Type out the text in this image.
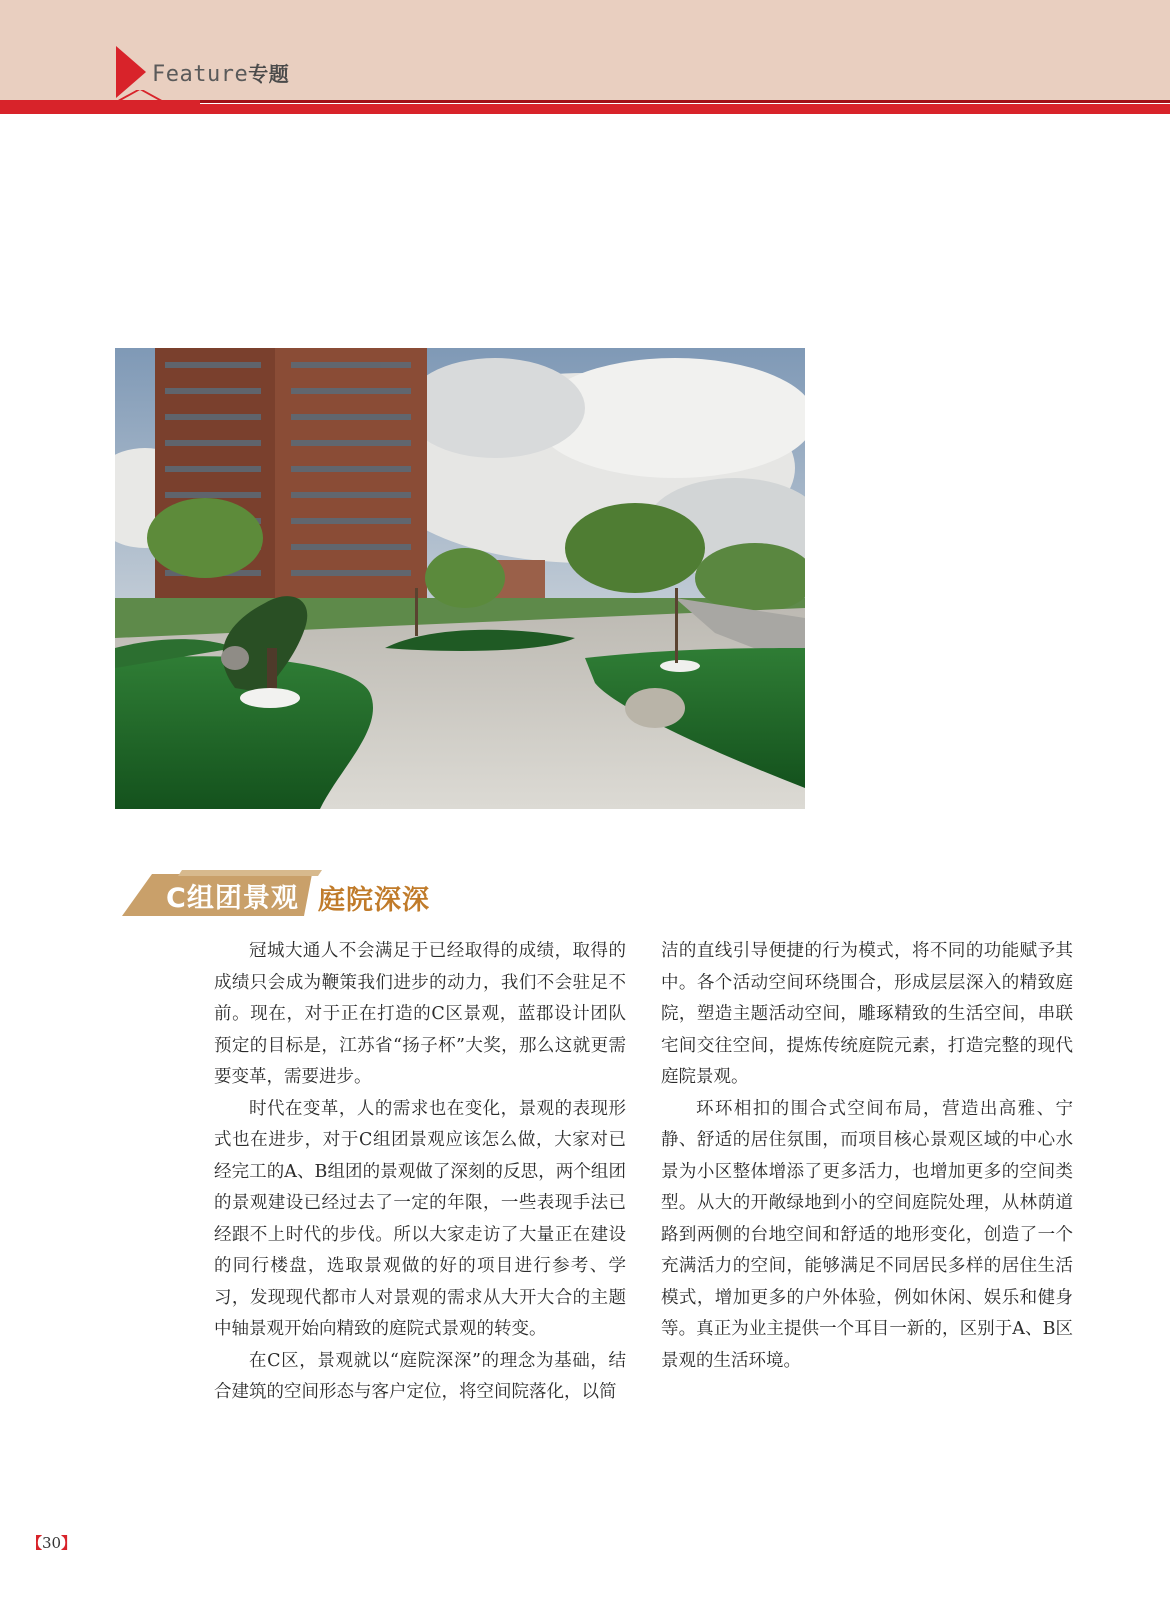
Feature专题
C组团景观 庭院深深

冠城大通人不会满足于已经取得的成绩，取得的成绩只会成为鞭策我们进步的动力，我们不会驻足不前。现在，对于正在打造的C区景观，蓝郡设计团队预定的目标是，江苏省“扬子杯”大奖，那么这就更需要变革，需要进步。

时代在变革，人的需求也在变化，景观的表现形式也在进步，对于C组团景观应该怎么做，大家对已经完工的A、B组团的景观做了深刻的反思，两个组团的景观建设已经过去了一定的年限，一些表现手法已经跟不上时代的步伐。所以大家走访了大量正在建设的同行楼盘，选取景观做的好的项目进行参考、学习，发现现代都市人对景观的需求从大开大合的主题中轴景观开始向精致的庭院式景观的转变。

在C区，景观就以“庭院深深”的理念为基础，结合建筑的空间形态与客户定位，将空间院落化，以简

洁的直线引导便捷的行为模式，将不同的功能赋予其中。各个活动空间环绕围合，形成层层深入的精致庭院，塑造主题活动空间，雕琢精致的生活空间，串联宅间交往空间，提炼传统庭院元素，打造完整的现代庭院景观。

环环相扣的围合式空间布局，营造出高雅、宁静、舒适的居住氛围，而项目核心景观区域的中心水景为小区整体增添了更多活力，也增加更多的空间类型。从大的开敞绿地到小的空间庭院处理，从林荫道路到两侧的台地空间和舒适的地形变化，创造了一个充满活力的空间，能够满足不同居民多样的居住生活模式，增加更多的户外体验，例如休闲、娱乐和健身等。真正为业主提供一个耳目一新的，区别于A、B区景观的生活环境。

【30】
